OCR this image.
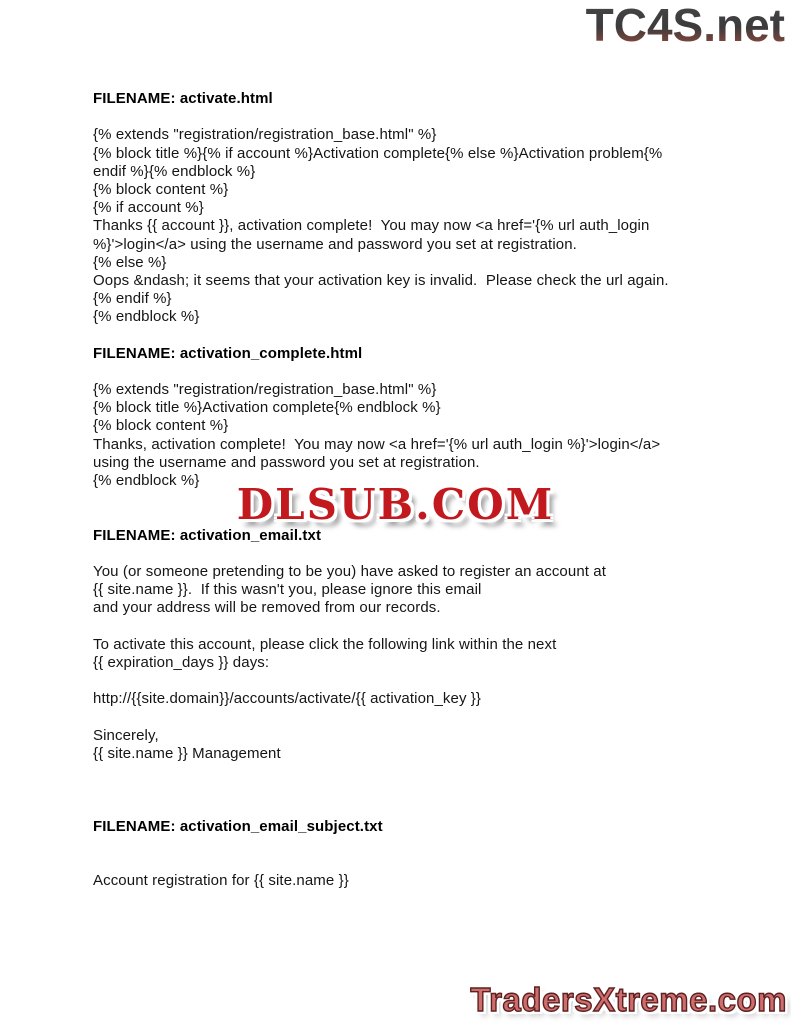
TC4S.net
FILENAME: activate.html
{% extends "registration/registration_base.html" %}
{% block title %}{% if account %}Activation complete{% else %}Activation problem{%
endif %}{% endblock %}
{% block content %}
{% if account %}
Thanks {{ account }}, activation complete!  You may now <a href='{% url auth_login
%}'>login</a> using the username and password you set at registration.
{% else %}
Oops &ndash; it seems that your activation key is invalid.  Please check the url again.
{% endif %}
{% endblock %}
FILENAME: activation_complete.html
{% extends "registration/registration_base.html" %}
{% block title %}Activation complete{% endblock %}
{% block content %}
Thanks, activation complete!  You may now <a href='{% url auth_login %}'>login</a>
using the username and password you set at registration.
{% endblock %}
FILENAME: activation_email.txt
You (or someone pretending to be you) have asked to register an account at
{{ site.name }}.  If this wasn't you, please ignore this email
and your address will be removed from our records.
To activate this account, please click the following link within the next
{{ expiration_days }} days:
http://{{site.domain}}/accounts/activate/{{ activation_key }}
Sincerely,
{{ site.name }} Management
FILENAME: activation_email_subject.txt
Account registration for {{ site.name }}
DLSUB.COM
TradersXtreme.com
